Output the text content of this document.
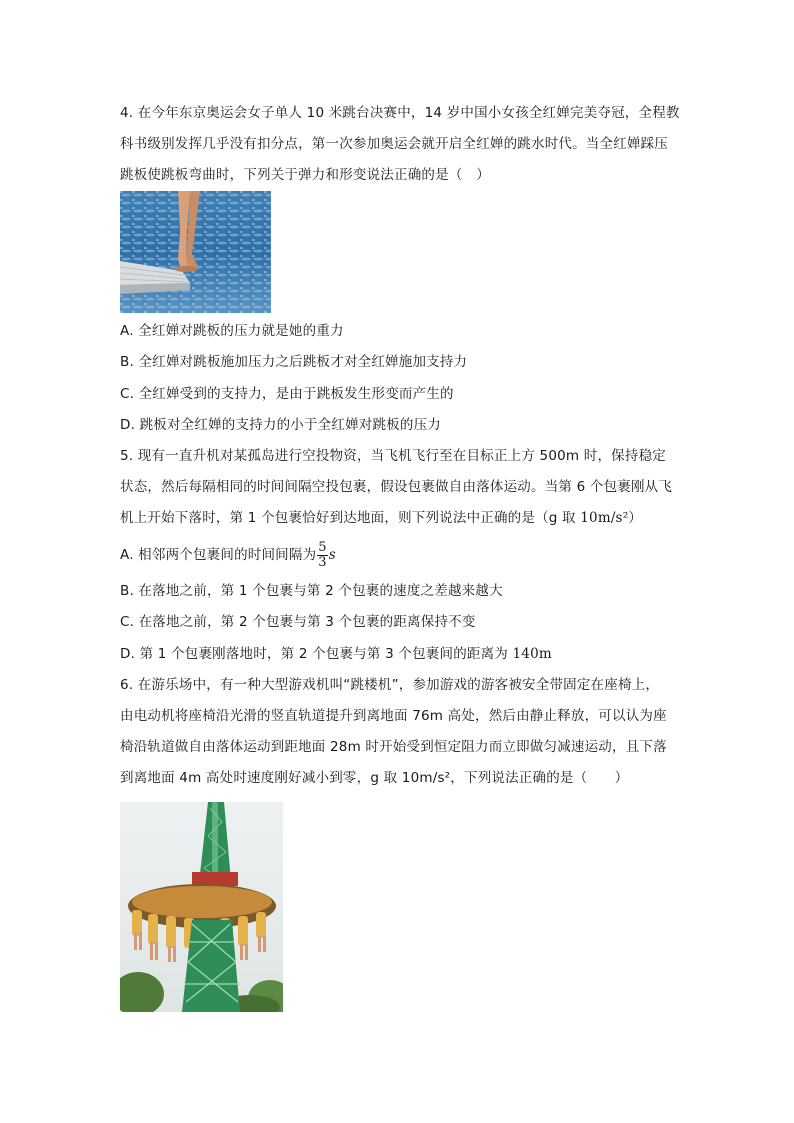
4. 在今年东京奥运会女子单人 10 米跳台决赛中，14 岁中国小女孩全红婵完美夺冠，全程教
科书级别发挥几乎没有扣分点，第一次参加奥运会就开启全红婵的跳水时代。当全红婵踩压
跳板使跳板弯曲时，下列关于弹力和形变说法正确的是（　）
A. 全红婵对跳板的压力就是她的重力
B. 全红婵对跳板施加压力之后跳板才对全红婵施加支持力
C. 全红婵受到的支持力，是由于跳板发生形变而产生的
D. 跳板对全红婵的支持力的小于全红婵对跳板的压力
5. 现有一直升机对某孤岛进行空投物资，当飞机飞行至在目标正上方 500m 时，保持稳定
状态，然后每隔相同的时间间隔空投包裹，假设包裹做自由落体运动。当第 6 个包裹刚从飞
机上开始下落时，第 1 个包裹恰好到达地面，则下列说法中正确的是（g 取 10m/s²）
A. 相邻两个包裹间的时间间隔为 $\frac{5}{3}$ s
B. 在落地之前，第 1 个包裹与第 2 个包裹的速度之差越来越大
C. 在落地之前，第 2 个包裹与第 3 个包裹的距离保持不变
D. 第 1 个包裹刚落地时，第 2 个包裹与第 3 个包裹间的距离为 140m
6. 在游乐场中，有一种大型游戏机叫“跳楼机”，参加游戏的游客被安全带固定在座椅上，
由电动机将座椅沿光滑的竖直轨道提升到离地面 76m 高处，然后由静止释放，可以认为座
椅沿轨道做自由落体运动到距地面 28m 时开始受到恒定阻力而立即做匀减速运动，且下落
到离地面 4m 高处时速度刚好减小到零，g 取 10m/s²，下列说法正确的是（　　）
